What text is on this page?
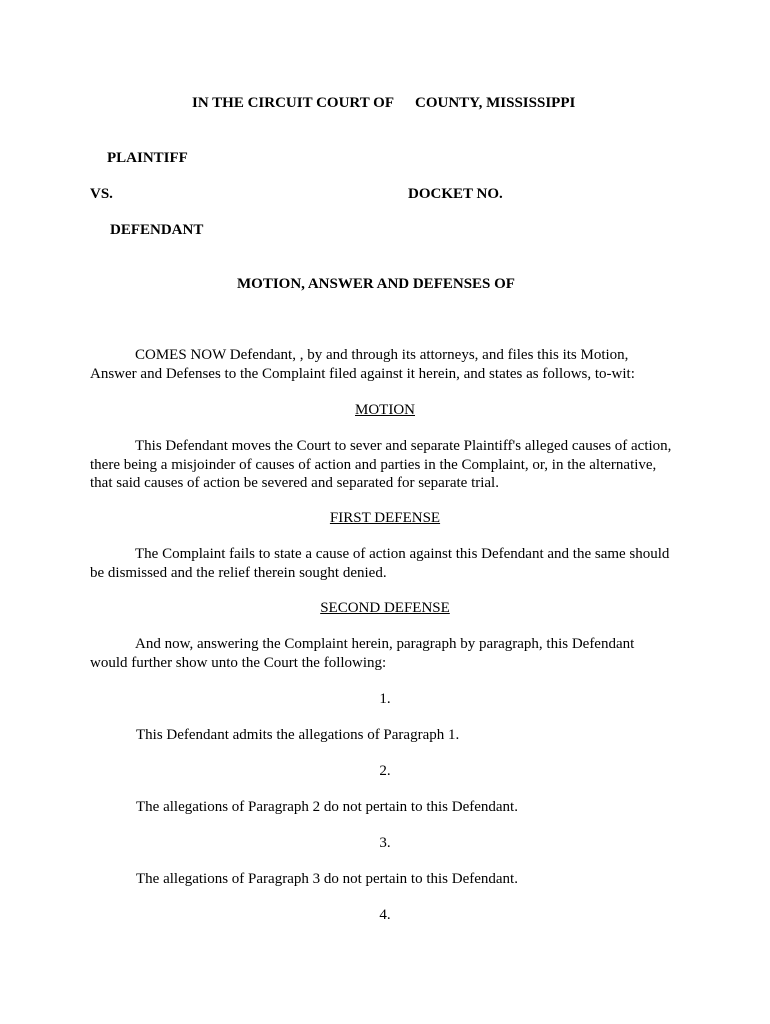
IN THE CIRCUIT COURT OF COUNTY, MISSISSIPPI
PLAINTIFF
VS.	DOCKET NO.
DEFENDANT
MOTION, ANSWER AND DEFENSES OF
COMES NOW Defendant, , by and through its attorneys, and files this its Motion,
Answer and Defenses to the Complaint filed against it herein, and states as follows, to-wit:
MOTION
This Defendant moves the Court to sever and separate Plaintiff's alleged causes of action,
there being a misjoinder of causes of action and parties in the Complaint, or, in the alternative,
that said causes of action be severed and separated for separate trial.
FIRST DEFENSE
The Complaint fails to state a cause of action against this Defendant and the same should
be dismissed and the relief therein sought denied.
SECOND DEFENSE
And now, answering the Complaint herein, paragraph by paragraph, this Defendant
would further show unto the Court the following:
1.
This Defendant admits the allegations of Paragraph 1.
2.
The allegations of Paragraph 2 do not pertain to this Defendant.
3.
The allegations of Paragraph 3 do not pertain to this Defendant.
4.
